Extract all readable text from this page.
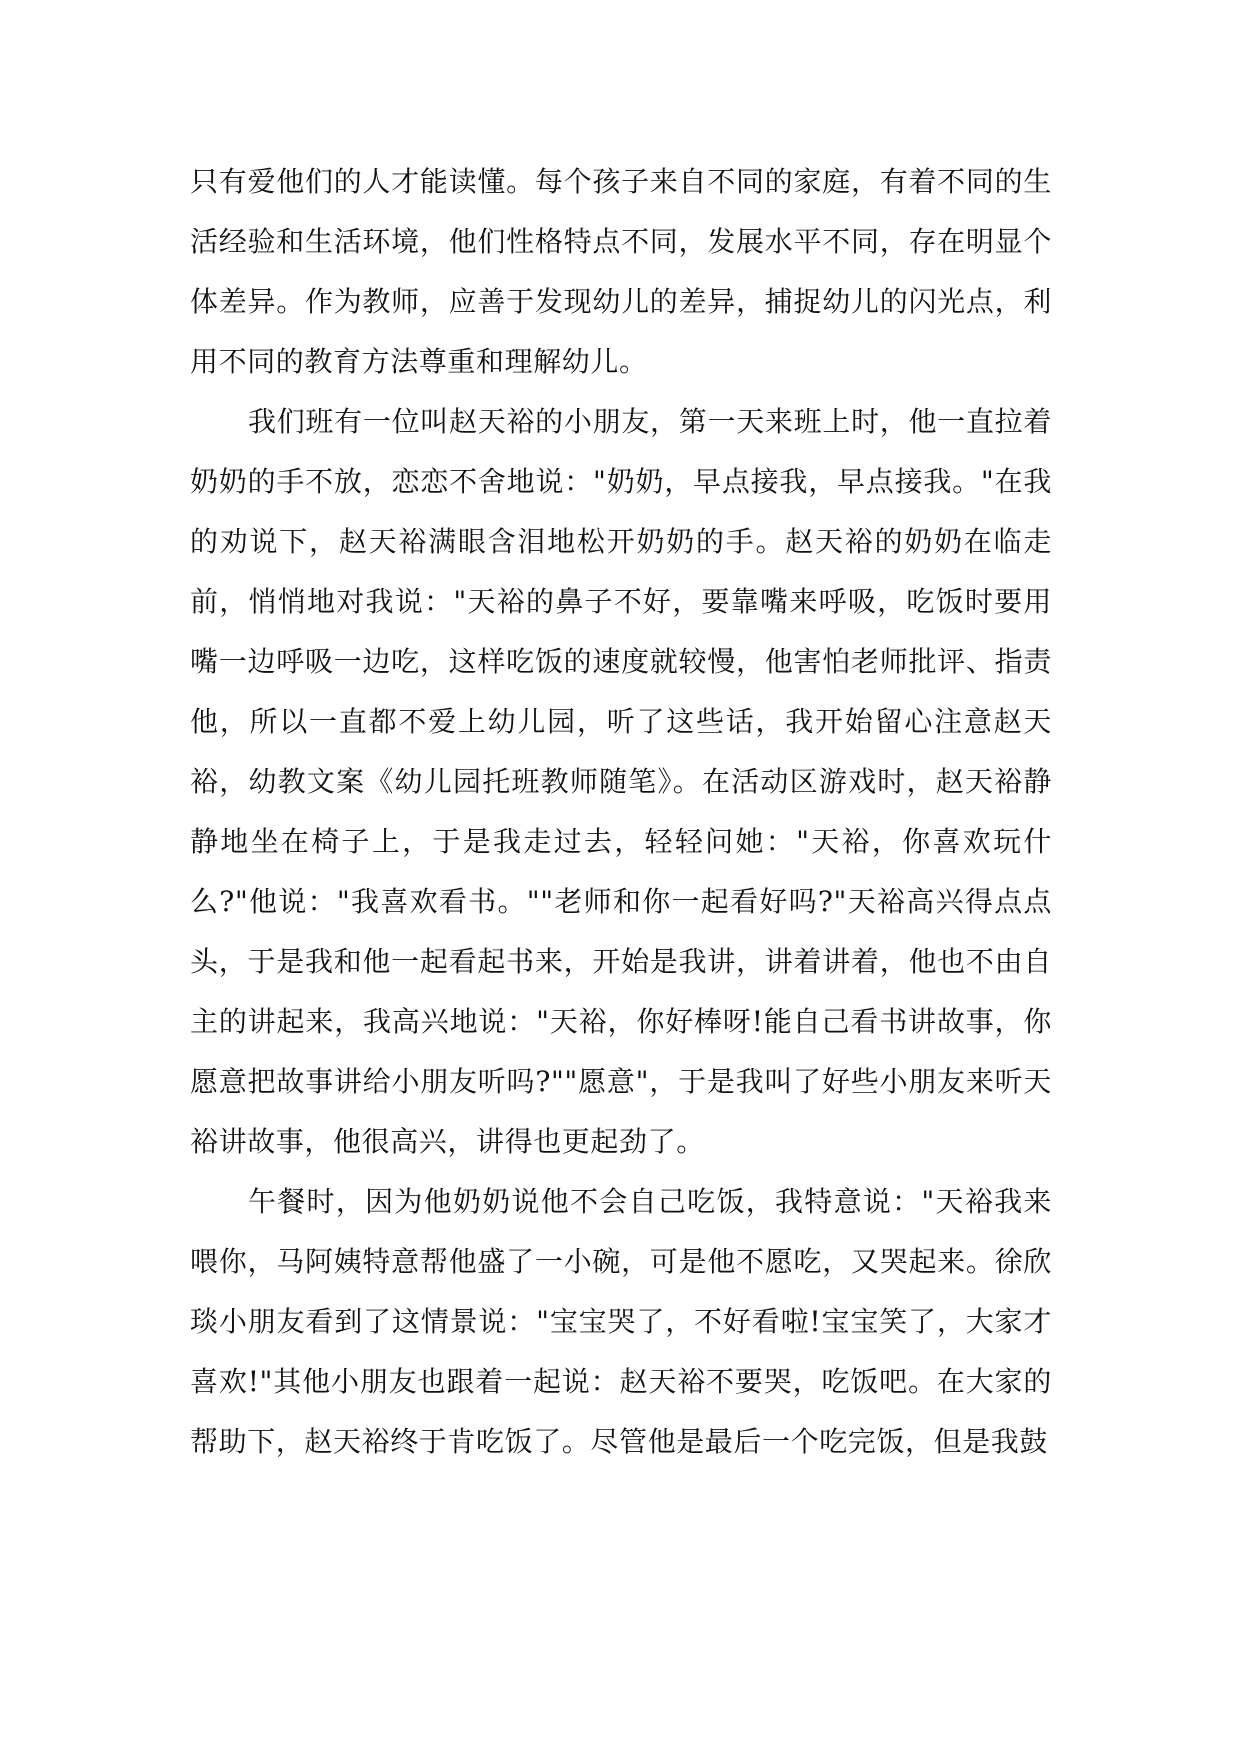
只有爱他们的人才能读懂。每个孩子来自不同的家庭，有着不同的生活经验和生活环境，他们性格特点不同，发展水平不同，存在明显个体差异。作为教师，应善于发现幼儿的差异，捕捉幼儿的闪光点，利用不同的教育方法尊重和理解幼儿。

我们班有一位叫赵天裕的小朋友，第一天来班上时，他一直拉着奶奶的手不放，恋恋不舍地说："奶奶，早点接我，早点接我。"在我的劝说下，赵天裕满眼含泪地松开奶奶的手。赵天裕的奶奶在临走前，悄悄地对我说："天裕的鼻子不好，要靠嘴来呼吸，吃饭时要用嘴一边呼吸一边吃，这样吃饭的速度就较慢，他害怕老师批评、指责他，所以一直都不爱上幼儿园，听了这些话，我开始留心注意赵天裕，幼教文案《幼儿园托班教师随笔》。在活动区游戏时，赵天裕静静地坐在椅子上，于是我走过去，轻轻问她："天裕，你喜欢玩什么?"他说："我喜欢看书。""老师和你一起看好吗?"天裕高兴得点点头，于是我和他一起看起书来，开始是我讲，讲着讲着，他也不由自主的讲起来，我高兴地说："天裕，你好棒呀!能自己看书讲故事，你愿意把故事讲给小朋友听吗?""愿意"，于是我叫了好些小朋友来听天裕讲故事，他很高兴，讲得也更起劲了。

午餐时，因为他奶奶说他不会自己吃饭，我特意说："天裕我来喂你，马阿姨特意帮他盛了一小碗，可是他不愿吃，又哭起来。徐欣琰小朋友看到了这情景说："宝宝哭了，不好看啦!宝宝笑了，大家才喜欢!"其他小朋友也跟着一起说：赵天裕不要哭，吃饭吧。在大家的帮助下，赵天裕终于肯吃饭了。尽管他是最后一个吃完饭，但是我鼓
